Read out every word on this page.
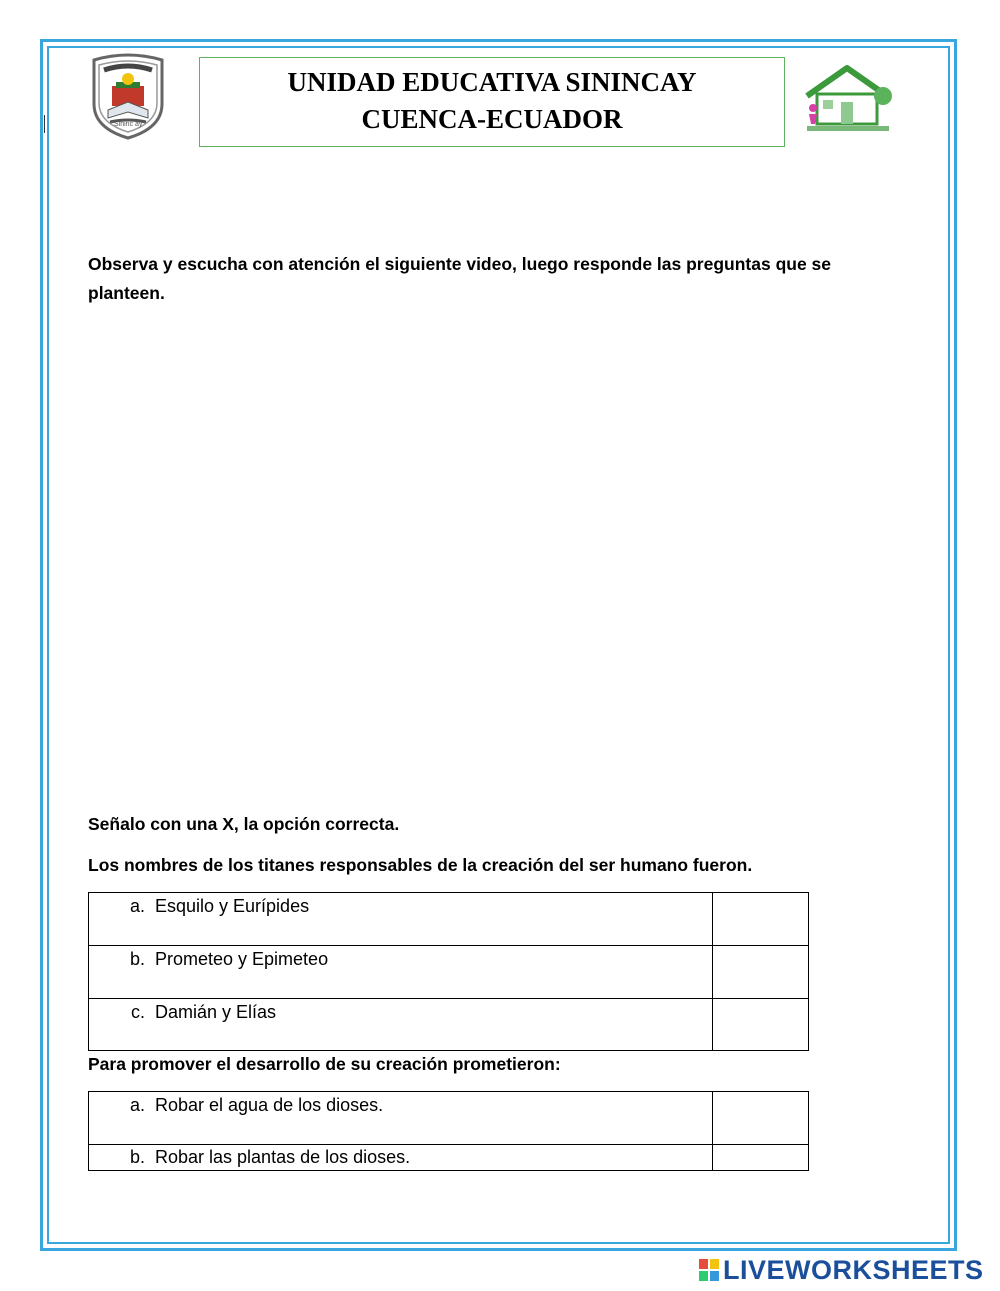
Sininc ay
UNIDAD EDUCATIVA SININCAY
CUENCA-ECUADOR
Observa y escucha con atención el siguiente video, luego responde las preguntas que se planteen.
Señalo con una X, la opción correcta.
Los nombres de los titanes responsables de la creación del ser humano fueron.
a. Esquilo y Eurípides	

b. Prometeo y Epimeteo	

c. Damián y Elías	

Para promover el desarrollo de su creación prometieron:
a. Robar el agua de los dioses.	

b. Robar las plantas de los dioses.	

LIVEWORKSHEETS
